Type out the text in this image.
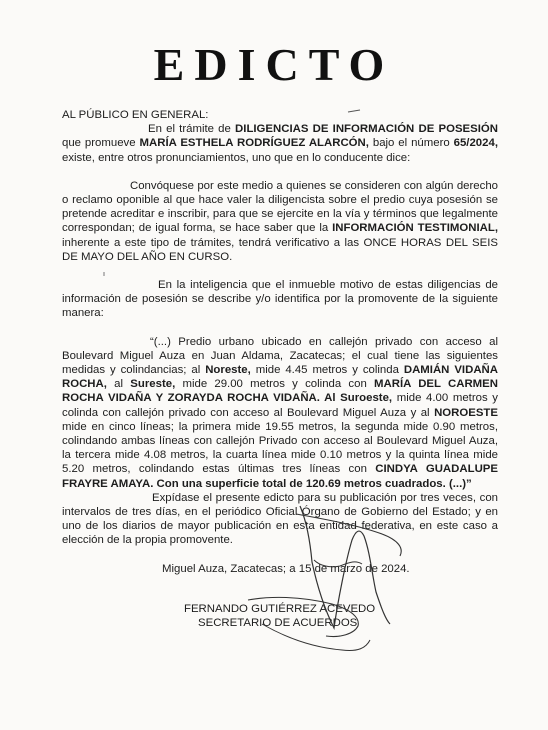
EDICTO

AL PÚBLICO EN GENERAL:

En el trámite de DILIGENCIAS DE INFORMACIÓN DE POSESIÓN que promueve MARÍA ESTHELA RODRÍGUEZ ALARCÓN, bajo el número 65/2024, existe, entre otros pronunciamientos, uno que en lo conducente dice:

Convóquese por este medio a quienes se consideren con algún derecho o reclamo oponible al que hace valer la diligencista sobre el predio cuya posesión se pretende acreditar e inscribir, para que se ejercite en la vía y términos que legalmente correspondan; de igual forma, se hace saber que la INFORMACIÓN TESTIMONIAL, inherente a este tipo de trámites, tendrá verificativo a las ONCE HORAS DEL SEIS DE MAYO DEL AÑO EN CURSO.

En la inteligencia que el inmueble motivo de estas diligencias de información de posesión se describe y/o identifica por la promovente de la siguiente manera:

“(...) Predio urbano ubicado en callejón privado con acceso al Boulevard Miguel Auza en Juan Aldama, Zacatecas; el cual tiene las siguientes medidas y colindancias; al Noreste, mide 4.45 metros y colinda DAMIÁN VIDAÑA ROCHA, al Sureste, mide 29.00 metros y colinda con MARÍA DEL CARMEN ROCHA VIDAÑA Y ZORAYDA ROCHA VIDAÑA. Al Suroeste, mide 4.00 metros y colinda con callejón privado con acceso al Boulevard Miguel Auza y al NOROESTE mide en cinco líneas; la primera mide 19.55 metros, la segunda mide 0.90 metros, colindando ambas líneas con callejón Privado con acceso al Boulevard Miguel Auza, la tercera mide 4.08 metros, la cuarta línea mide 0.10 metros y la quinta línea mide 5.20 metros, colindando estas últimas tres líneas con CINDYA GUADALUPE FRAYRE AMAYA. Con una superficie total de 120.69 metros cuadrados. (...)”

Expídase el presente edicto para su publicación por tres veces, con intervalos de tres días, en el periódico Oficial Órgano de Gobierno del Estado; y en uno de los diarios de mayor publicación en esta entidad federativa, en este caso a elección de la propia promovente.

Miguel Auza, Zacatecas; a 15 de marzo de 2024.

FERNANDO GUTIÉRREZ ACEVEDO

SECRETARIO DE ACUERDOS
